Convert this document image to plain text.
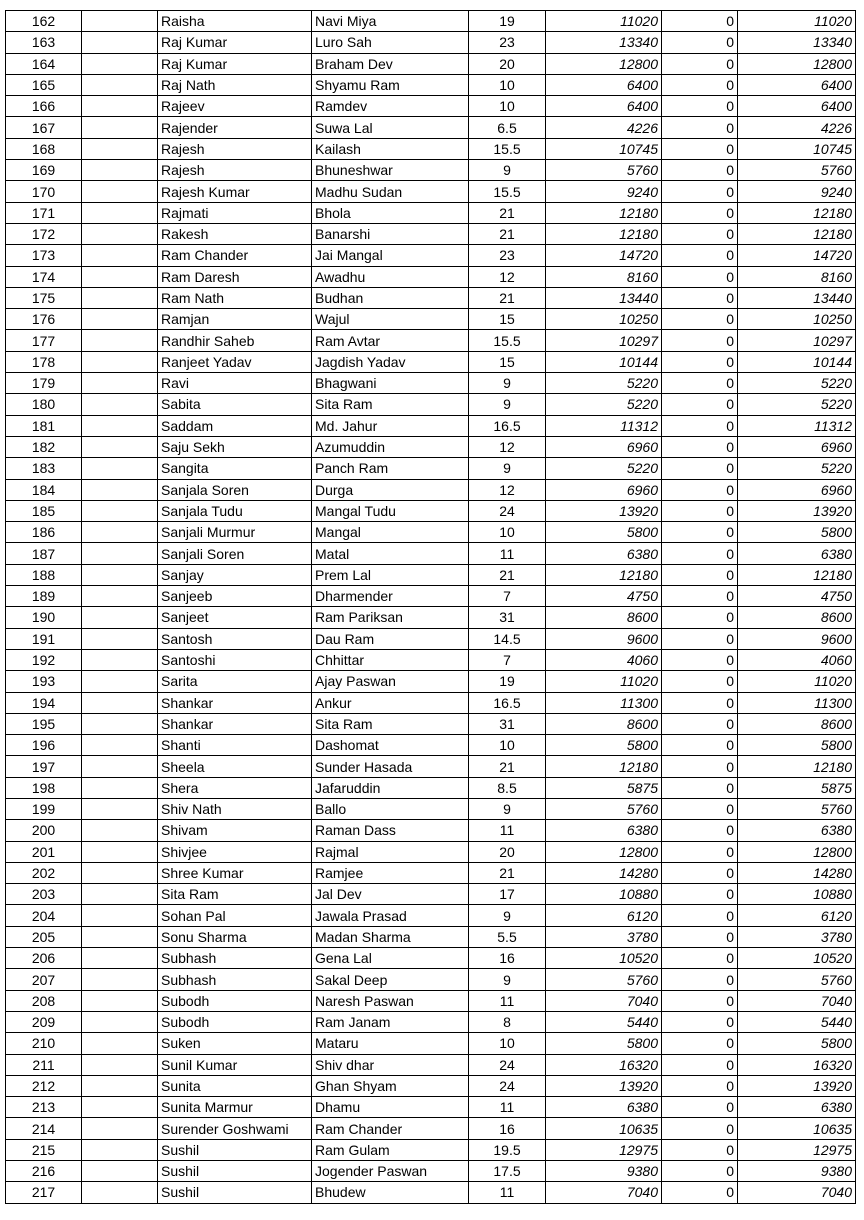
162		Raisha	Navi Miya	19	11020	0	11020
163		Raj Kumar	Luro Sah	23	13340	0	13340
164		Raj Kumar	Braham Dev	20	12800	0	12800
165		Raj Nath	Shyamu Ram	10	6400	0	6400
166		Rajeev	Ramdev	10	6400	0	6400
167		Rajender	Suwa Lal	6.5	4226	0	4226
168		Rajesh	Kailash	15.5	10745	0	10745
169		Rajesh	Bhuneshwar	9	5760	0	5760
170		Rajesh Kumar	Madhu Sudan	15.5	9240	0	9240
171		Rajmati	Bhola	21	12180	0	12180
172		Rakesh	Banarshi	21	12180	0	12180
173		Ram Chander	Jai Mangal	23	14720	0	14720
174		Ram Daresh	Awadhu	12	8160	0	8160
175		Ram Nath	Budhan	21	13440	0	13440
176		Ramjan	Wajul	15	10250	0	10250
177		Randhir Saheb	Ram Avtar	15.5	10297	0	10297
178		Ranjeet Yadav	Jagdish Yadav	15	10144	0	10144
179		Ravi	Bhagwani	9	5220	0	5220
180		Sabita	Sita Ram	9	5220	0	5220
181		Saddam	Md. Jahur	16.5	11312	0	11312
182		Saju Sekh	Azumuddin	12	6960	0	6960
183		Sangita	Panch Ram	9	5220	0	5220
184		Sanjala Soren	Durga	12	6960	0	6960
185		Sanjala Tudu	Mangal Tudu	24	13920	0	13920
186		Sanjali Murmur	Mangal	10	5800	0	5800
187		Sanjali Soren	Matal	11	6380	0	6380
188		Sanjay	Prem Lal	21	12180	0	12180
189		Sanjeeb	Dharmender	7	4750	0	4750
190		Sanjeet	Ram Pariksan	31	8600	0	8600
191		Santosh	Dau Ram	14.5	9600	0	9600
192		Santoshi	Chhittar	7	4060	0	4060
193		Sarita	Ajay Paswan	19	11020	0	11020
194		Shankar	Ankur	16.5	11300	0	11300
195		Shankar	Sita Ram	31	8600	0	8600
196		Shanti	Dashomat	10	5800	0	5800
197		Sheela	Sunder Hasada	21	12180	0	12180
198		Shera	Jafaruddin	8.5	5875	0	5875
199		Shiv Nath	Ballo	9	5760	0	5760
200		Shivam	Raman Dass	11	6380	0	6380
201		Shivjee	Rajmal	20	12800	0	12800
202		Shree Kumar	Ramjee	21	14280	0	14280
203		Sita Ram	Jal Dev	17	10880	0	10880
204		Sohan Pal	Jawala Prasad	9	6120	0	6120
205		Sonu Sharma	Madan Sharma	5.5	3780	0	3780
206		Subhash	Gena Lal	16	10520	0	10520
207		Subhash	Sakal Deep	9	5760	0	5760
208		Subodh	Naresh Paswan	11	7040	0	7040
209		Subodh	Ram Janam	8	5440	0	5440
210		Suken	Mataru	10	5800	0	5800
211		Sunil Kumar	Shiv dhar	24	16320	0	16320
212		Sunita	Ghan Shyam	24	13920	0	13920
213		Sunita Marmur	Dhamu	11	6380	0	6380
214		Surender Goshwami	Ram Chander	16	10635	0	10635
215		Sushil	Ram Gulam	19.5	12975	0	12975
216		Sushil	Jogender Paswan	17.5	9380	0	9380
217		Sushil	Bhudew	11	7040	0	7040
